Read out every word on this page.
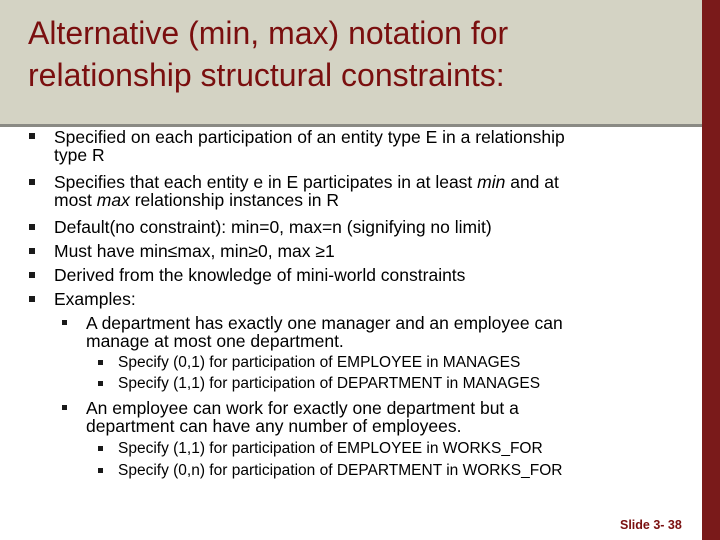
Alternative (min, max) notation for
relationship structural constraints:
Specified on each participation of an entity type E in a relationship
type R
Specifies that each entity e in E participates in at least min and at
most max relationship instances in R
Default(no constraint): min=0, max=n (signifying no limit)
Must have min≤max, min≥0, max ≥1
Derived from the knowledge of mini-world constraints
Examples:
A department has exactly one manager and an employee can
manage at most one department.
Specify (0,1) for participation of EMPLOYEE in MANAGES
Specify (1,1) for participation of DEPARTMENT in MANAGES
An employee can work for exactly one department but a
department can have any number of employees.
Specify (1,1) for participation of EMPLOYEE in WORKS_FOR
Specify (0,n) for participation of DEPARTMENT in WORKS_FOR
Slide 3- 38
